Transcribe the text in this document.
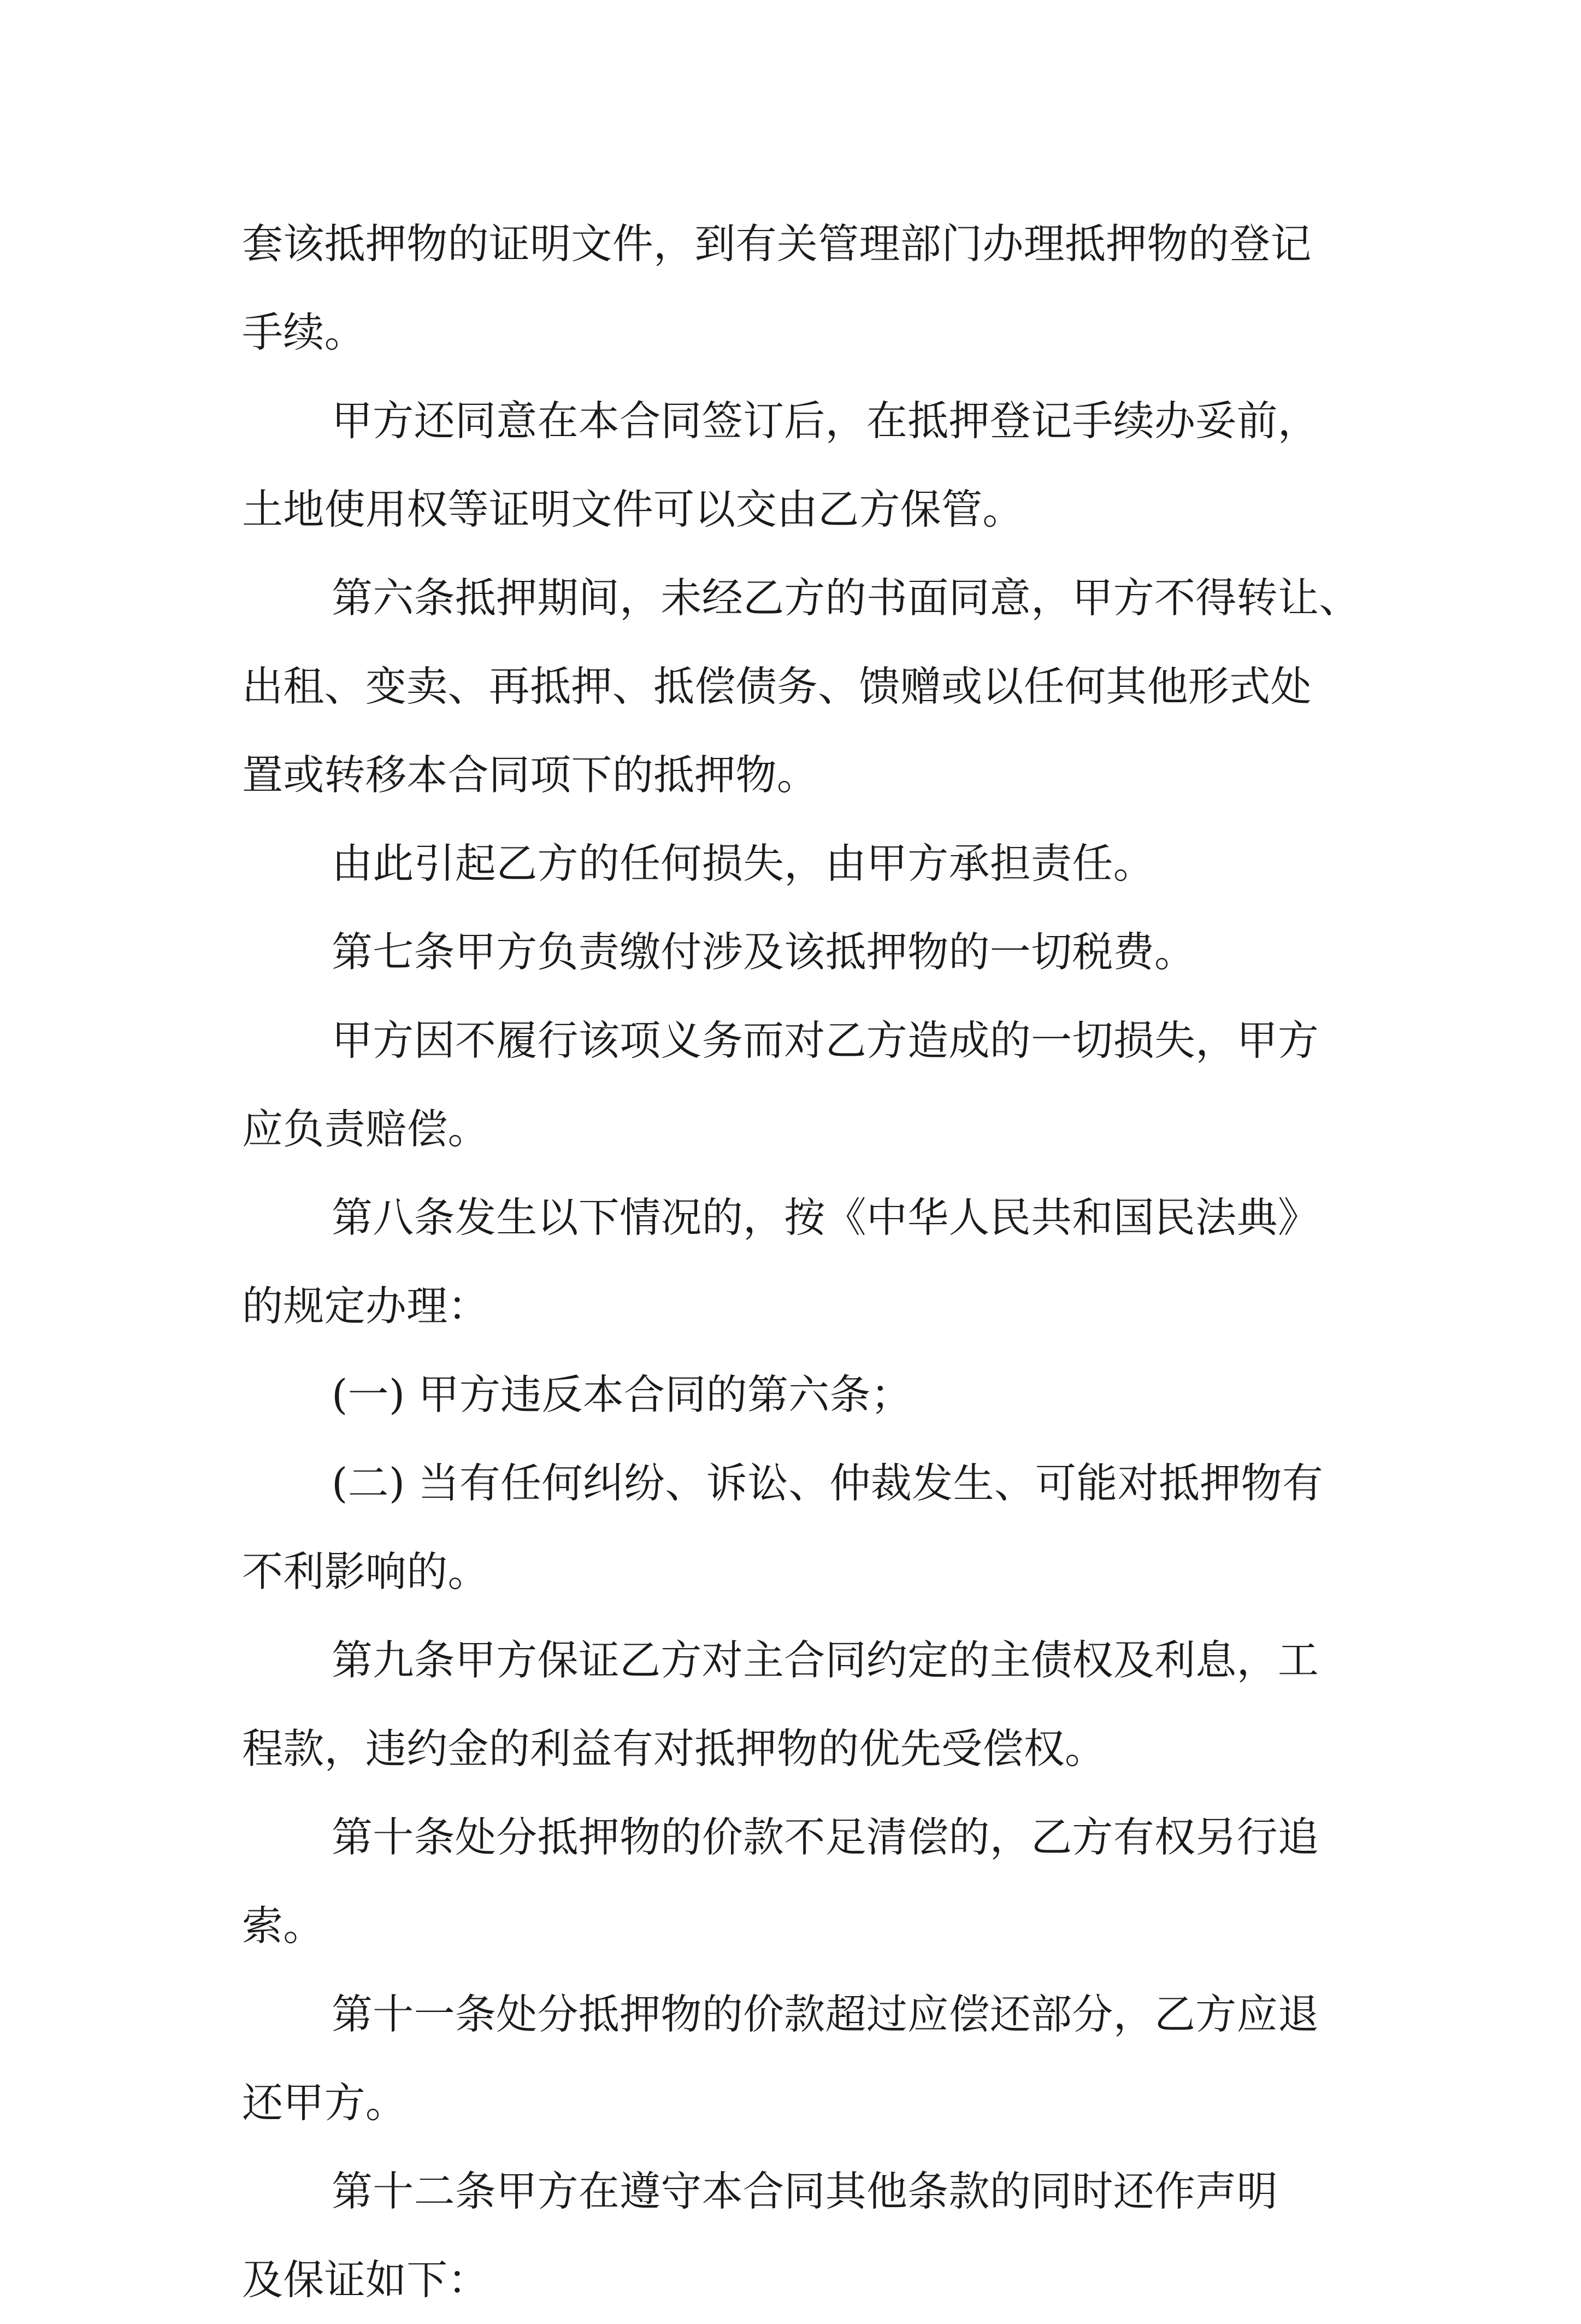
套该抵押物的证明文件，到有关管理部门办理抵押物的登记
手续。
甲方还同意在本合同签订后，在抵押登记手续办妥前，
土地使用权等证明文件可以交由乙方保管。
第六条抵押期间，未经乙方的书面同意，甲方不得转让、
出租、变卖、再抵押、抵偿债务、馈赠或以任何其他形式处
置或转移本合同项下的抵押物。
由此引起乙方的任何损失，由甲方承担责任。
第七条甲方负责缴付涉及该抵押物的一切税费。
甲方因不履行该项义务而对乙方造成的一切损失，甲方
应负责赔偿。
第八条发生以下情况的，按《中华人民共和国民法典》
的规定办理：
(一) 甲方违反本合同的第六条；
(二) 当有任何纠纷、诉讼、仲裁发生、可能对抵押物有
不利影响的。
第九条甲方保证乙方对主合同约定的主债权及利息，工
程款，违约金的利益有对抵押物的优先受偿权。
第十条处分抵押物的价款不足清偿的，乙方有权另行追
索。
第十一条处分抵押物的价款超过应偿还部分，乙方应退
还甲方。
第十二条甲方在遵守本合同其他条款的同时还作声明
及保证如下：
